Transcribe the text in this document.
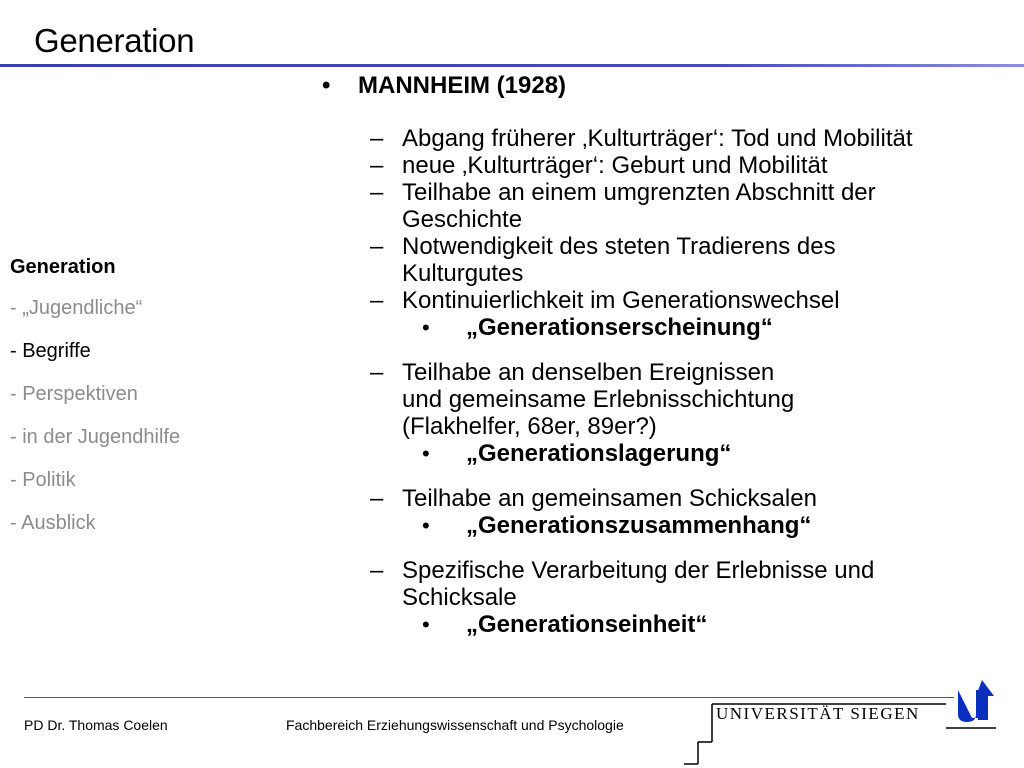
Generation
Generation
- „Jugendliche“
- Begriffe
- Perspektiven
- in der Jugendhilfe
- Politik
- Ausblick
• MANNHEIM (1928)
– Abgang früherer ‚Kulturträger‘: Tod und Mobilität
– neue ‚Kulturträger‘: Geburt und Mobilität
– Teilhabe an einem umgrenzten Abschnitt der Geschichte
– Notwendigkeit des steten Tradierens des Kulturgutes
– Kontinuierlichkeit im Generationswechsel
• „Generationserscheinung“
– Teilhabe an denselben Ereignissen
und gemeinsame Erlebnisschichtung
(Flakhelfer, 68er, 89er?)
• „Generationslagerung“
– Teilhabe an gemeinsamen Schicksalen
• „Generationszusammenhang“
– Spezifische Verarbeitung der Erlebnisse und Schicksale
• „Generationseinheit“
PD Dr. Thomas Coelen	Fachbereich Erziehungswissenschaft und Psychologie
UNIVERSITÄT SIEGEN
